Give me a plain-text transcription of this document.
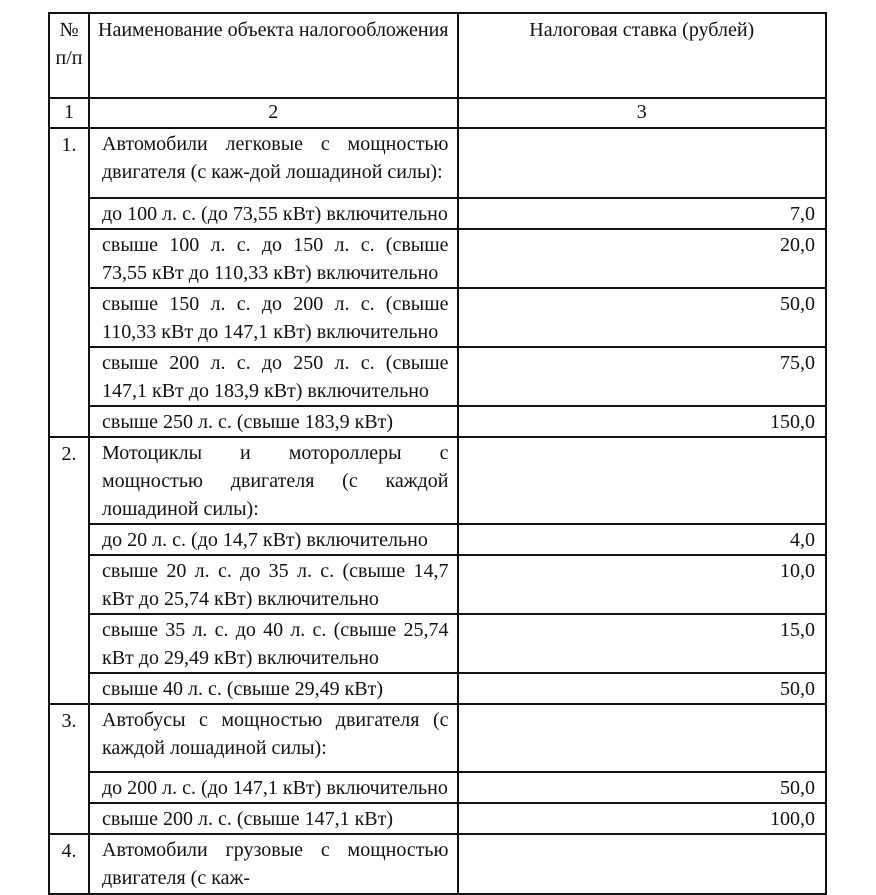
№ п/п	Наименование объекта налогообложения	Налоговая ставка (рублей)
1	2	3
1.	Автомобили легковые с мощностью двигателя (с каж-дой лошадиной силы):	
	до 100 л. с. (до 73,55 кВт) включительно	7,0
	свыше 100 л. с. до 150 л. с. (свыше 73,55 кВт до 110,33 кВт) включительно	20,0
	свыше 150 л. с. до 200 л. с. (свыше 110,33 кВт до 147,1 кВт) включительно	50,0
	свыше 200 л. с. до 250 л. с. (свыше 147,1 кВт до 183,9 кВт) включительно	75,0
	свыше 250 л. с. (свыше 183,9 кВт)	150,0
2.	Мотоциклы и мотороллеры с мощностью двигателя (с каждой лошадиной силы):	
	до 20 л. с. (до 14,7 кВт) включительно	4,0
	свыше 20 л. с. до 35 л. с. (свыше 14,7 кВт до 25,74 кВт) включительно	10,0
	свыше 35 л. с. до 40 л. с. (свыше 25,74 кВт до 29,49 кВт) включительно	15,0
	свыше 40 л. с. (свыше 29,49 кВт)	50,0
3.	Автобусы с мощностью двигателя (с каждой лошадиной силы):	
	до 200 л. с. (до 147,1 кВт) включительно	50,0
	свыше 200 л. с. (свыше 147,1 кВт)	100,0
4.	Автомобили грузовые с мощностью двигателя (с каж-	
